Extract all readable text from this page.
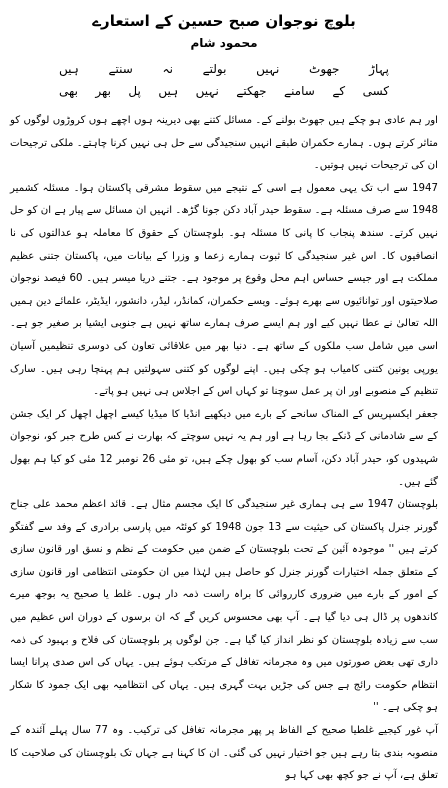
بلوچ نوجوان صبح حسین کے استعارے
محمود شام
پہاڑ
جھوٹ
نہیں
بولتے
نہ
سنتے
ہیں
کسی
کے
سامنے
جھکتے
نہیں
ہیں
پل
بھر
بھی

اور ہم عادی ہو چکے ہیں جھوٹ بولنے کے۔ مسائل کتنے بھی دیرینہ ہوں اچھے ہوں کروڑوں لوگوں کو متاثر کرتے ہوں۔ ہمارے حکمران طبقے انہیں سنجیدگی سے حل ہی نہیں کرنا چاہتے۔ ملکی ترجیحات ان کی ترجیحات نہیں ہوتیں۔

1947 سے اب تک یہی معمول ہے اسی کے نتیجے میں سقوط مشرقی پاکستان ہوا۔ مسئلہ کشمیر 1948 سے صرف مسئلہ ہے۔ سقوط حیدر آباد دکن جونا گڑھ۔ انہیں ان مسائل سے پیار ہے ان کو حل نہیں کرتے۔ سندھ پنجاب کا پانی کا مسئلہ ہو۔ بلوچستان کے حقوق کا معاملہ ہو عدالتوں کی نا انصافیوں کا۔ اس غیر سنجیدگی کا ثبوت ہمارے زعما و وزرا کے بیانات میں، پاکستان جتنی عظیم مملکت ہے اور جیسے حساس اہم محل وقوع پر موجود ہے۔ جتنے دریا میسر ہیں۔ 60 فیصد نوجوان صلاحیتوں اور توانائیوں سے بھرے ہوئے۔ ویسے حکمران، کمانڈر، لیڈر، دانشور، ایڈیٹر، علمائے دین ہمیں اللہ تعالیٰ نے عطا نہیں کیے اور ہم ایسے صرف ہمارے ساتھ نہیں ہے جنوبی ایشیا بر صغیر جو ہے۔ اسی میں شامل سب ملکوں کے ساتھ ہے۔ دنیا بھر میں علاقائی تعاون کی دوسری تنظیمیں آسیان یورپی یونین کتنی کامیاب ہو چکی ہیں۔ اپنے لوگوں کو کتنی سہولتیں ہم پہنچا رہی ہیں۔ سارک تنظیم کے منصوبے اور ان پر عمل سوچنا تو کہاں اس کے اجلاس ہی نہیں ہو پاتے۔

جعفر ایکسپریس کے المناک سانحے کے بارے میں دیکھیے انڈیا کا میڈیا کیسے اچھل اچھل کر ایک جشن کے سے شادمانی کے ڈنکے بجا رہا ہے اور ہم یہ نہیں سوچتے کہ بھارت نے کس طرح جبر کو، نوجوان شہیدوں کو، حیدر آباد دکن، آسام سب کو بھول چکے ہیں، تو مئی 26 نومبر 12 مئی کو کیا ہم بھول گئے ہیں۔

بلوچستان 1947 سے ہی ہماری غیر سنجیدگی کا ایک مجسم مثال ہے۔ قائد اعظم محمد علی جناح گورنر جنرل پاکستان کی حیثیت سے 13 جون 1948 کو کوئٹہ میں پارسی برادری کے وفد سے گفتگو کرتے ہیں '' موجودہ آئین کے تحت بلوچستان کے ضمن میں حکومت کے نظم و نسق اور قانون سازی کے متعلق جملہ اختیارات گورنر جنرل کو حاصل ہیں لہٰذا میں ان حکومتی انتظامی اور قانون سازی کے امور کے بارے میں ضروری کارروائی کا براہ راست ذمہ دار ہوں۔ غلط یا صحیح یہ بوجھ میرے کاندھوں پر ڈال ہی دیا گیا ہے۔ آپ بھی محسوس کریں گے کہ ان برسوں کے دوران اس عظیم میں سب سے زیادہ بلوچستان کو نظر انداز کیا گیا ہے۔ جن لوگوں پر بلوچستان کی فلاح و بہبود کی ذمہ داری تھی بعض صورتوں میں وہ مجرمانہ تغافل کے مرتکب ہوئے ہیں۔ یہاں کی اس صدی پرانا ایسا انتظام حکومت رائج ہے جس کی جڑیں بہت گہری ہیں۔ یہاں کی انتظامیہ بھی ایک جمود کا شکار ہو چکی ہے۔ ''

آپ غور کیجیے غلطیا صحیح کے الفاظ پر پھر مجرمانہ تغافل کی ترکیب۔ وہ 77 سال پہلے آئندہ کے منصوبہ بندی بتا رہے ہیں جو اختیار نہیں کی گئی۔ ان کا کہنا ہے جہاں تک بلوچستان کی صلاحیت کا تعلق ہے، آپ نے جو کچھ بھی کہا ہو
